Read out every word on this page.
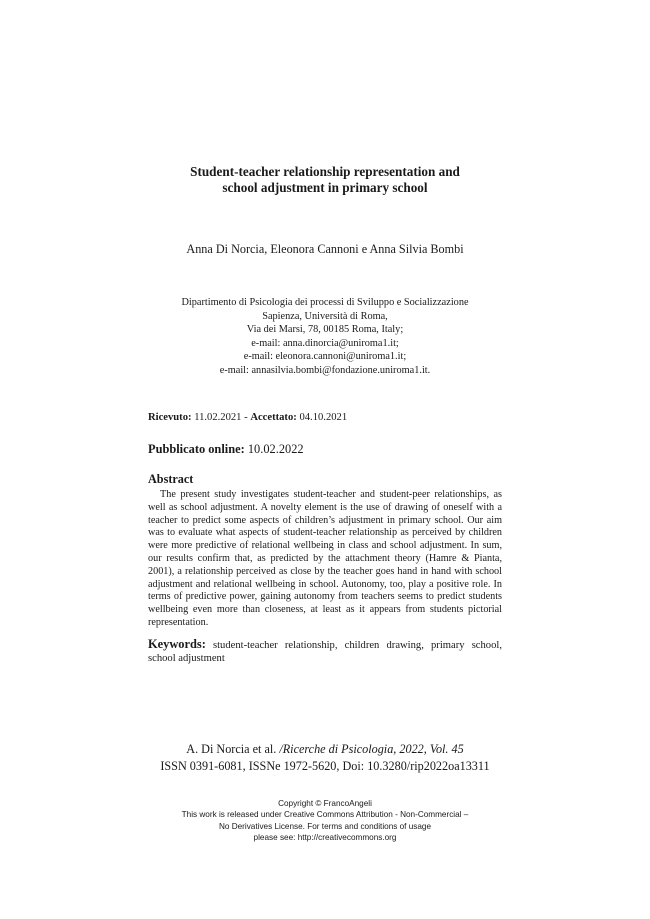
Student-teacher relationship representation and
school adjustment in primary school
Anna Di Norcia, Eleonora Cannoni e Anna Silvia Bombi
Dipartimento di Psicologia dei processi di Sviluppo e Socializzazione
Sapienza, Università di Roma,
Via dei Marsi, 78, 00185 Roma, Italy;
e-mail: anna.dinorcia@uniroma1.it;
e-mail: eleonora.cannoni@uniroma1.it;
e-mail: annasilvia.bombi@fondazione.uniroma1.it.
Ricevuto: 11.02.2021 - Accettato: 04.10.2021
Pubblicato online: 10.02.2022
Abstract

The present study investigates student-teacher and student-peer relationships, as well as school adjustment. A novelty element is the use of drawing of oneself with a teacher to predict some aspects of children’s adjustment in primary school. Our aim was to evaluate what aspects of student-teacher relationship as perceived by children were more predictive of relational wellbeing in class and school adjustment. In sum, our results confirm that, as predicted by the attachment theory (Hamre & Pianta, 2001), a relationship perceived as close by the teacher goes hand in hand with school adjustment and relational wellbeing in school. Autonomy, too, play a positive role. In terms of predictive power, gaining autonomy from teachers seems to predict students wellbeing even more than closeness, at least as it appears from students pictorial representation.

Keywords: student-teacher relationship, children drawing, primary school, school adjustment
A. Di Norcia et al. /Ricerche di Psicologia, 2022, Vol. 45
ISSN 0391-6081, ISSNe 1972-5620, Doi: 10.3280/rip2022oa13311
Copyright © FrancoAngeli
This work is released under Creative Commons Attribution - Non-Commercial –
No Derivatives License. For terms and conditions of usage
please see: http://creativecommons.org
